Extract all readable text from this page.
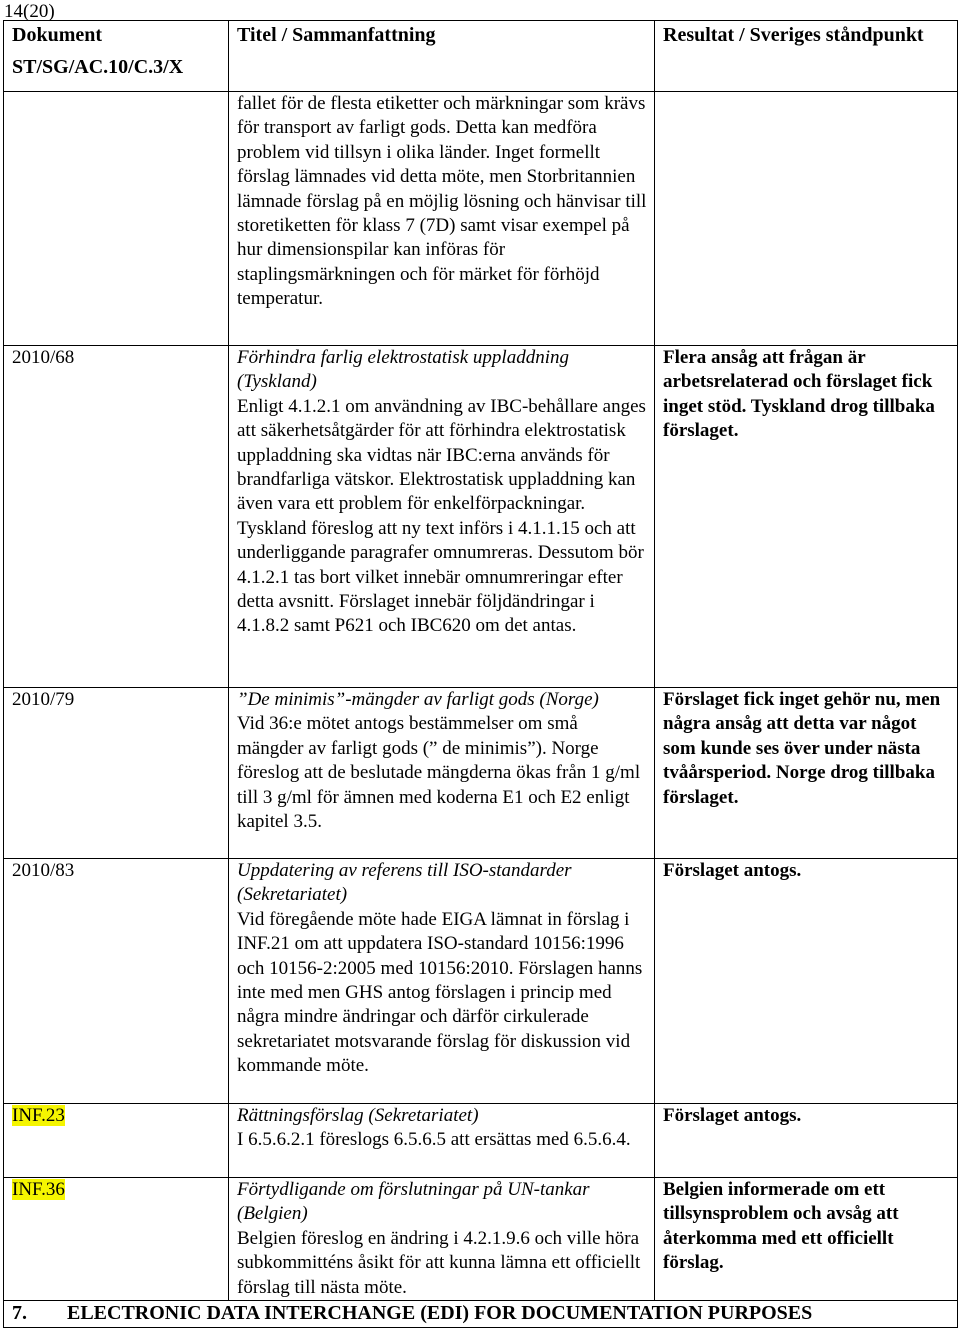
14(20)
Dokument
ST/SG/AC.10/C.3/X	Titel / Sammanfattning	Resultat / Sveriges ståndpunkt

	fallet för de flesta etiketter och märkningar som krävs för transport av farligt gods. Detta kan medföra problem vid tillsyn i olika länder. Inget formellt förslag lämnades vid detta möte, men Storbritannien lämnade förslag på en möjlig lösning och hänvisar till storetiketten för klass 7 (7D) samt visar exempel på hur dimensionspilar kan införas för staplingsmärkningen och för märket för förhöjd temperatur.	

2010/68	Förhindra farlig elektrostatisk uppladdning (Tyskland)
Enligt 4.1.2.1 om användning av IBC-behållare anges att säkerhetsåtgärder för att förhindra elektrostatisk uppladdning ska vidtas när IBC:erna används för brandfarliga vätskor. Elektrostatisk uppladdning kan även vara ett problem för enkelförpackningar. Tyskland föreslog att ny text införs i 4.1.1.15 och att underliggande paragrafer omnumreras. Dessutom bör 4.1.2.1 tas bort vilket innebär omnumreringar efter detta avsnitt. Förslaget innebär följdändringar i 4.1.8.2 samt P621 och IBC620 om det antas.	Flera ansåg att frågan är arbetsrelaterad och förslaget fick inget stöd. Tyskland drog tillbaka förslaget.
2010/79	”De minimis”-mängder av farligt gods (Norge)
Vid 36:e mötet antogs bestämmelser om små mängder av farligt gods (” de minimis”). Norge föreslog att de beslutade mängderna ökas från 1 g/ml till 3 g/ml för ämnen med koderna E1 och E2 enligt kapitel 3.5.	Förslaget fick inget gehör nu, men några ansåg att detta var något som kunde ses över under nästa tvåårsperiod. Norge drog tillbaka förslaget.
2010/83	Uppdatering av referens till ISO-standarder (Sekretariatet)
Vid föregående möte hade EIGA lämnat in förslag i INF.21 om att uppdatera ISO-standard 10156:1996 och 10156-2:2005 med 10156:2010. Förslagen hanns inte med men GHS antog förslagen i princip med några mindre ändringar och därför cirkulerade sekretariatet motsvarande förslag för diskussion vid kommande möte.	Förslaget antogs.
INF.23	Rättningsförslag (Sekretariatet)
I 6.5.6.2.1 föreslogs 6.5.6.5 att ersättas med 6.5.6.4.	Förslaget antogs.
INF.36	Förtydligande om förslutningar på UN-tankar (Belgien)
Belgien föreslog en ändring i 4.2.1.9.6 och ville höra subkommitténs åsikt för att kunna lämna ett officiellt förslag till nästa möte.	Belgien informerade om ett tillsynsproblem och avsåg att återkomma med ett officiellt förslag.
7. ELECTRONIC DATA INTERCHANGE (EDI) FOR DOCUMENTATION PURPOSES		
